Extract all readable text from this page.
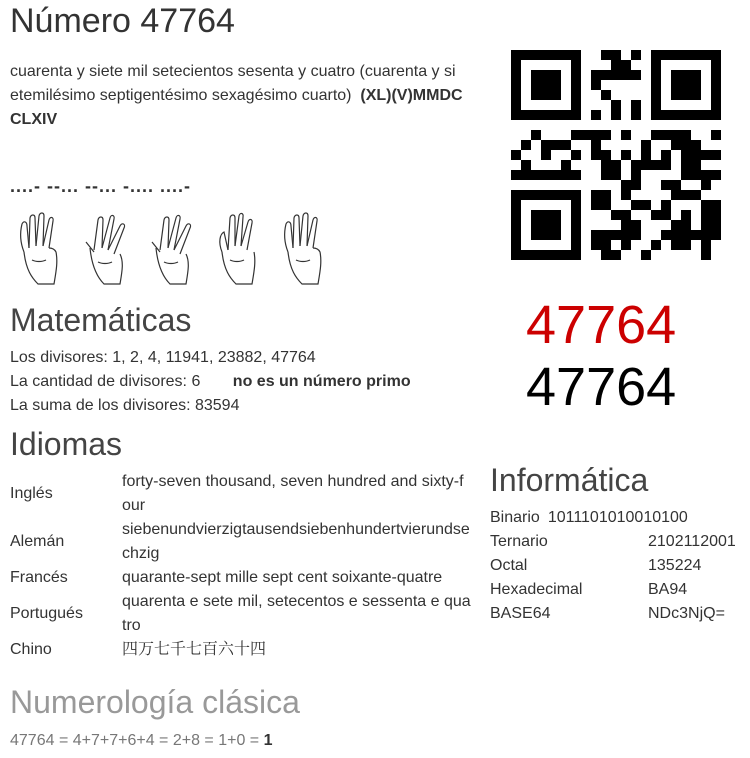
Número 47764
cuarenta y siete mil setecientos sesenta y cuatro (cuarenta y si etemilésimo septigentésimo sexagésimo cuarto) (XL)(V)MMDC CLXIV
....- --... --... -.... ....-
47764
47764
Matemáticas
Los divisores: 1, 2, 4, 11941, 23882, 47764
La cantidad de divisores: 6 no es un número primo
La suma de los divisores: 83594
Idiomas
Inglés	forty-seven thousand, seven hundred and sixty-four
Alemán	siebenundvierzigtausendsiebenhundertvierundsechzig
Francés	quarante-sept mille sept cent soixante-quatre
Portugués	quarenta e sete mil, setecentos e sessenta e quatro
Chino	四万七千七百六十四
Informática
Binario 1011101010010100
Ternario	2102112001
Octal	135224
Hexadecimal	BA94
BASE64	NDc3NjQ=
Numerología clásica
47764 = 4+7+7+6+4 = 2+8 = 1+0 = 1
